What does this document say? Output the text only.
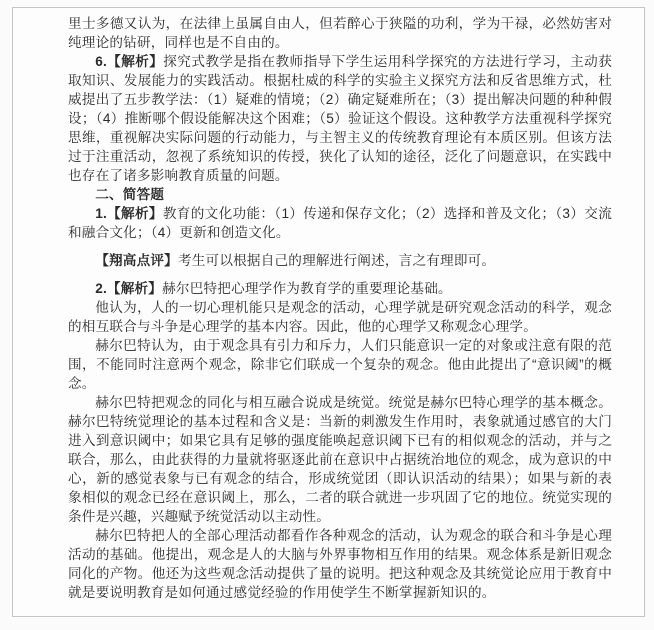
里士多德又认为，在法律上虽属自由人，但若醉心于狭隘的功利，学为干禄，必然妨害对纯理论的钻研，同样也是不自由的。

6.【解析】探究式教学是指在教师指导下学生运用科学探究的方法进行学习，主动获取知识、发展能力的实践活动。根据杜威的科学的实验主义探究方法和反省思维方式，杜威提出了五步教学法：（1）疑难的情境；（2）确定疑难所在；（3）提出解决问题的种种假设；（4）推断哪个假设能解决这个困难；（5）验证这个假设。这种教学方法重视科学探究思维，重视解决实际问题的行动能力，与主智主义的传统教育理论有本质区别。但该方法过于注重活动，忽视了系统知识的传授，狭化了认知的途径，泛化了问题意识，在实践中也存在了诸多影响教育质量的问题。

二、简答题

1.【解析】教育的文化功能：（1）传递和保存文化；（2）选择和普及文化；（3）交流和融合文化；（4）更新和创造文化。

【翔高点评】考生可以根据自己的理解进行阐述，言之有理即可。

2.【解析】赫尔巴特把心理学作为教育学的重要理论基础。

他认为，人的一切心理机能只是观念的活动，心理学就是研究观念活动的科学，观念的相互联合与斗争是心理学的基本内容。因此，他的心理学又称观念心理学。

赫尔巴特认为，由于观念具有引力和斥力，人们只能意识一定的对象或注意有限的范围，不能同时注意两个观念，除非它们联成一个复杂的观念。他由此提出了“意识阈”的概念。

赫尔巴特把观念的同化与相互融合说成是统觉。统觉是赫尔巴特心理学的基本概念。赫尔巴特统觉理论的基本过程和含义是：当新的刺激发生作用时，表象就通过感官的大门进入到意识阈中；如果它具有足够的强度能唤起意识阈下已有的相似观念的活动，并与之联合，那么，由此获得的力量就将驱逐此前在意识中占据统治地位的观念，成为意识的中心，新的感觉表象与已有观念的结合，形成统觉团（即认识活动的结果）；如果与新的表象相似的观念已经在意识阈上，那么，二者的联合就进一步巩固了它的地位。统觉实现的条件是兴趣，兴趣赋予统觉活动以主动性。

赫尔巴特把人的全部心理活动都看作各种观念的活动，认为观念的联合和斗争是心理活动的基础。他提出，观念是人的大脑与外界事物相互作用的结果。观念体系是新旧观念同化的产物。他还为这些观念活动提供了量的说明。把这种观念及其统觉论应用于教育中就是要说明教育是如何通过感觉经验的作用使学生不断掌握新知识的。
